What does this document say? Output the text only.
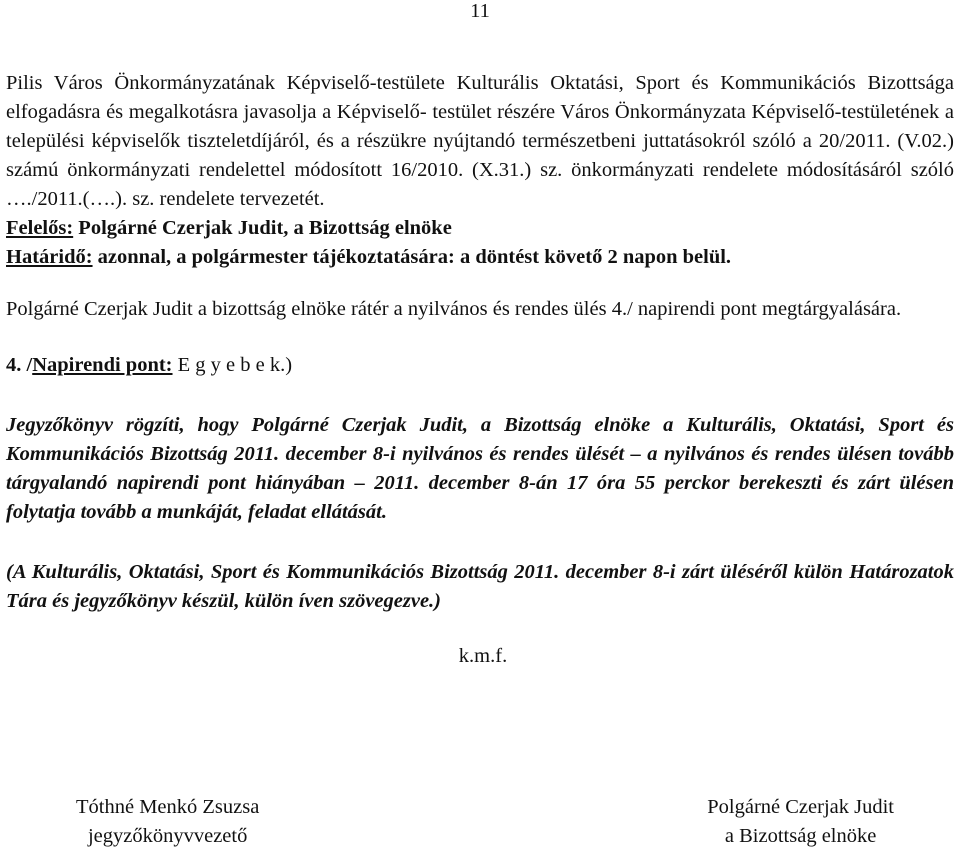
11

Pilis Város Önkormányzatának Képviselő-testülete Kulturális Oktatási, Sport és Kommunikációs Bizottsága elfogadásra és megalkotásra javasolja a Képviselő- testület részére Város Önkormányzata Képviselő-testületének a települési képviselők tiszteletdíjáról, és a részükre nyújtandó természetbeni juttatásokról szóló a 20/2011. (V.02.) számú önkormányzati rendelettel módosított 16/2010. (X.31.) sz. önkormányzati rendelete módosításáról szóló …./2011.(….). sz. rendelete tervezetét.

Felelős: Polgárné Czerjak Judit, a Bizottság elnöke

Határidő: azonnal, a polgármester tájékoztatására: a döntést követő 2 napon belül.

Polgárné Czerjak Judit a bizottság elnöke rátér a nyilvános és rendes ülés 4./ napirendi pont megtárgyalására.

4. /Napirendi pont: E g y e b e k.)

Jegyzőkönyv rögzíti, hogy Polgárné Czerjak Judit, a Bizottság elnöke a Kulturális, Oktatási, Sport és Kommunikációs Bizottság 2011. december 8-i nyilvános és rendes ülését – a nyilvános és rendes ülésen tovább tárgyalandó napirendi pont hiányában – 2011. december 8-án 17 óra 55 perckor berekeszti és zárt ülésen folytatja tovább a munkáját, feladat ellátását.

(A Kulturális, Oktatási, Sport és Kommunikációs Bizottság 2011. december 8-i zárt üléséről külön Határozatok Tára és jegyzőkönyv készül, külön íven szövegezve.)

k.m.f.

Tóthné Menkó Zsuzsa
jegyzőkönyvvezető
Polgárné Czerjak Judit
a Bizottság elnöke
